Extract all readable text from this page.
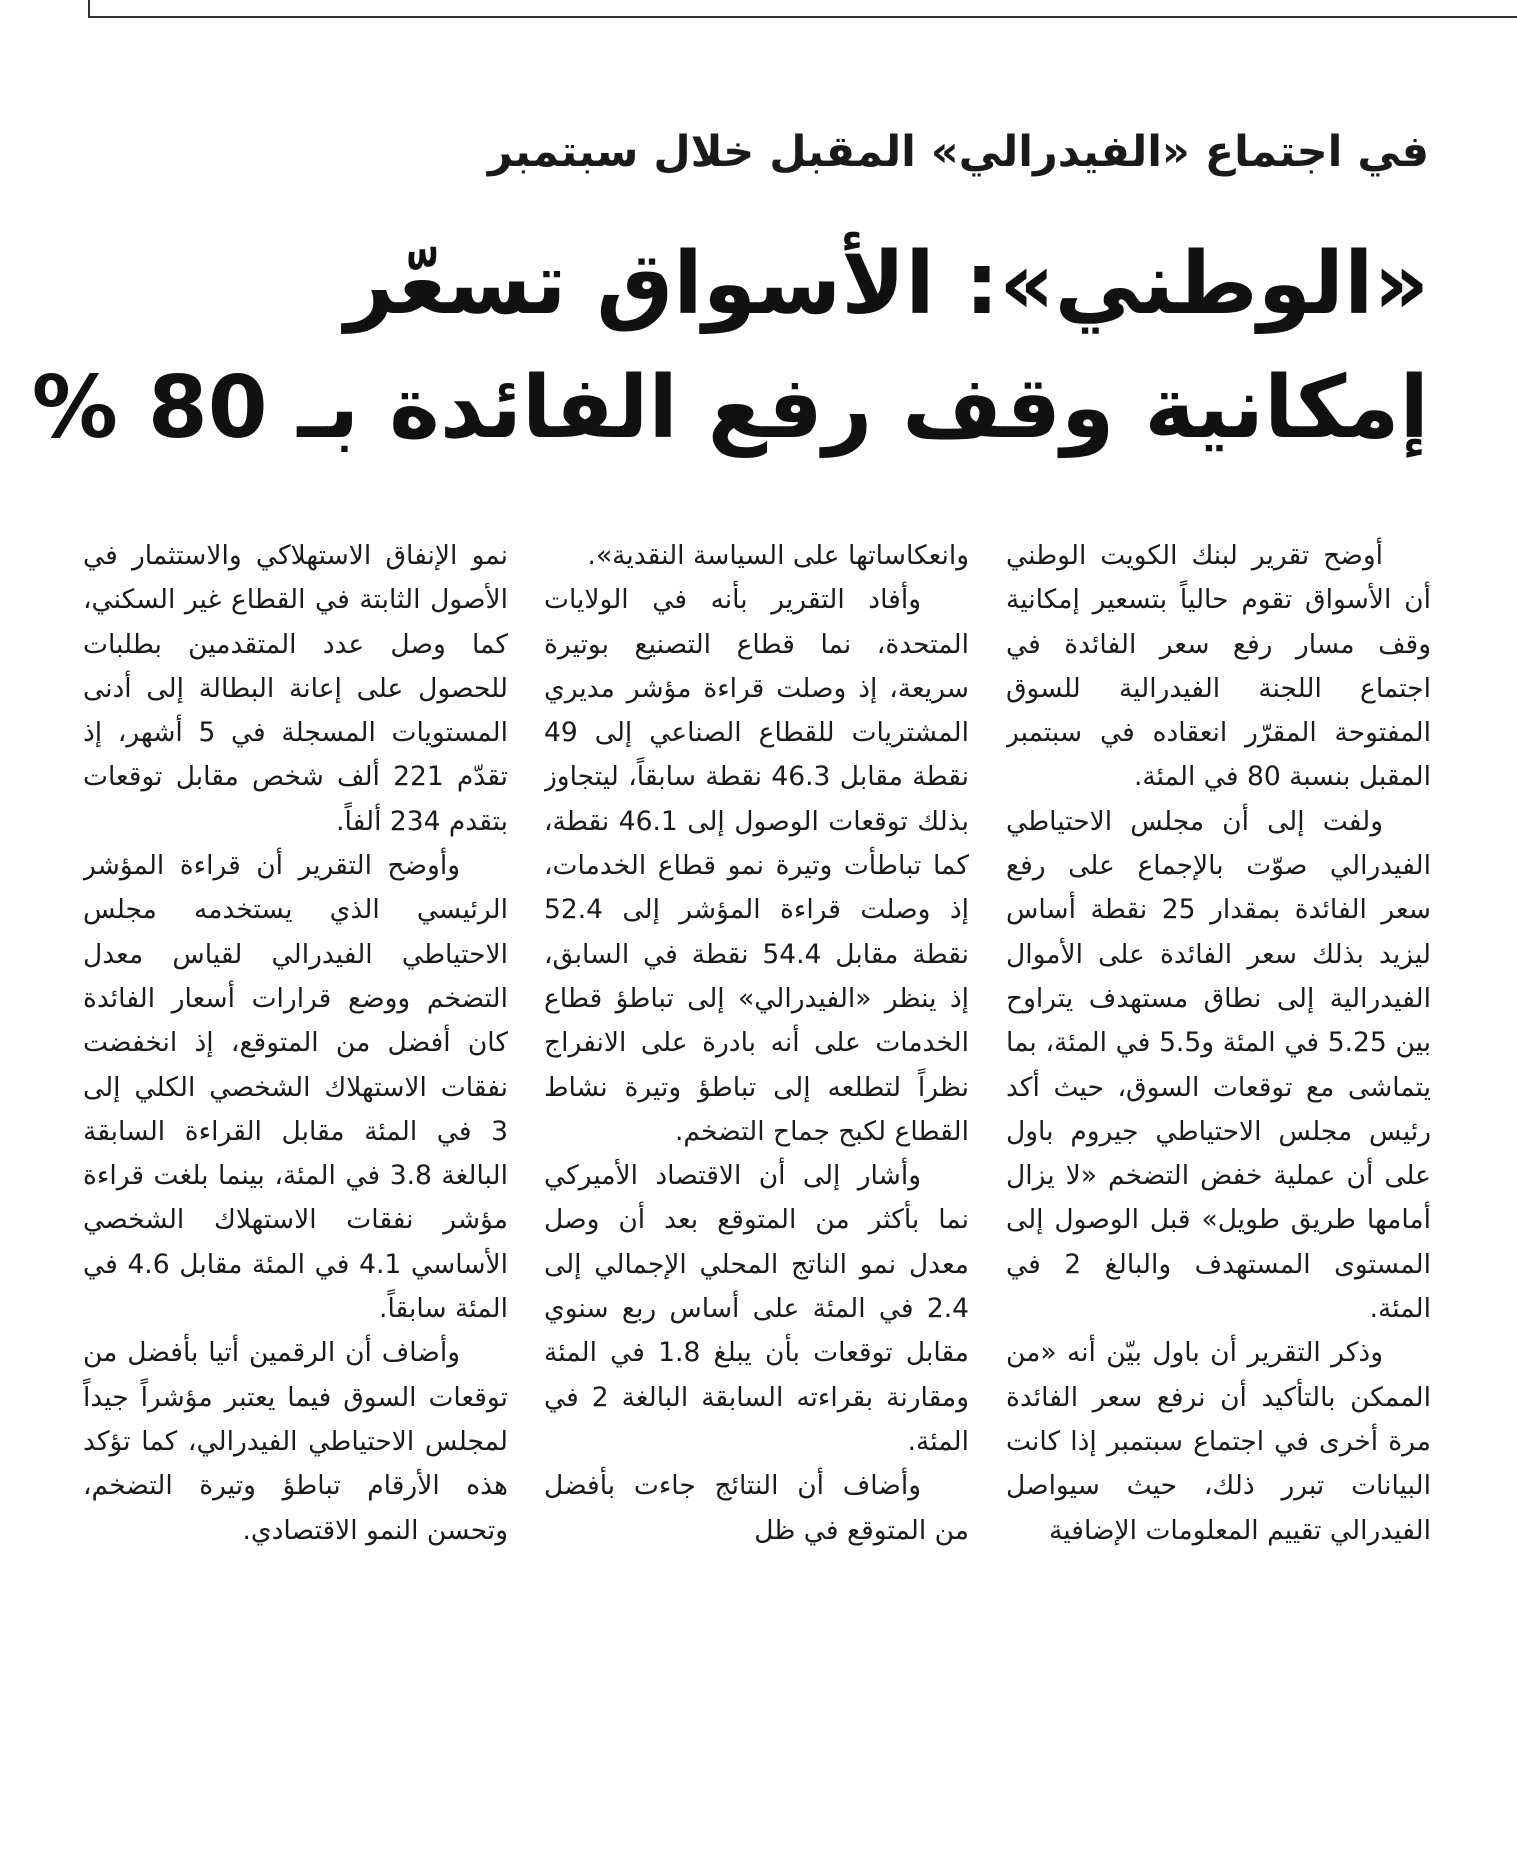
في اجتماع «الفيدرالي» المقبل خلال سبتمبر
«الوطني»: الأسواق تسعّر
إمكانية وقف رفع الفائدة بـ 80 %

أوضح تقرير لبنك الكويت الوطني أن الأسواق تقوم حالياً بتسعير إمكانية وقف مسار رفع سعر الفائدة في اجتماع اللجنة الفيدرالية للسوق المفتوحة المقرّر انعقاده في سبتمبر المقبل بنسبة 80 في المئة.

ولفت إلى أن مجلس الاحتياطي الفيدرالي صوّت بالإجماع على رفع سعر الفائدة بمقدار 25 نقطة أساس ليزيد بذلك سعر الفائدة على الأموال الفيدرالية إلى نطاق مستهدف يتراوح بين 5.25 في المئة و5.5 في المئة، بما يتماشى مع توقعات السوق، حيث أكد رئيس مجلس الاحتياطي جيروم باول على أن عملية خفض التضخم «لا يزال أمامها طريق طويل» قبل الوصول إلى المستوى المستهدف والبالغ 2 في المئة.

وذكر التقرير أن باول بيّن أنه «من الممكن بالتأكيد أن نرفع سعر الفائدة مرة أخرى في اجتماع سبتمبر إذا كانت البيانات تبرر ذلك، حيث سيواصل الفيدرالي تقييم المعلومات الإضافية

وانعكاساتها على السياسة النقدية».

وأفاد التقرير بأنه في الولايات المتحدة، نما قطاع التصنيع بوتيرة سريعة، إذ وصلت قراءة مؤشر مديري المشتريات للقطاع الصناعي إلى 49 نقطة مقابل 46.3 نقطة سابقاً، ليتجاوز بذلك توقعات الوصول إلى 46.1 نقطة، كما تباطأت وتيرة نمو قطاع الخدمات، إذ وصلت قراءة المؤشر إلى 52.4 نقطة مقابل 54.4 نقطة في السابق، إذ ينظر «الفيدرالي» إلى تباطؤ قطاع الخدمات على أنه بادرة على الانفراج نظراً لتطلعه إلى تباطؤ وتيرة نشاط القطاع لكبح جماح التضخم.

وأشار إلى أن الاقتصاد الأميركي نما بأكثر من المتوقع بعد أن وصل معدل نمو الناتج المحلي الإجمالي إلى 2.4 في المئة على أساس ربع سنوي مقابل توقعات بأن يبلغ 1.8 في المئة ومقارنة بقراءته السابقة البالغة 2 في المئة.

وأضاف أن النتائج جاءت بأفضل من المتوقع في ظل

نمو الإنفاق الاستهلاكي والاستثمار في الأصول الثابتة في القطاع غير السكني، كما وصل عدد المتقدمين بطلبات للحصول على إعانة البطالة إلى أدنى المستويات المسجلة في 5 أشهر، إذ تقدّم 221 ألف شخص مقابل توقعات بتقدم 234 ألفاً.

وأوضح التقرير أن قراءة المؤشر الرئيسي الذي يستخدمه مجلس الاحتياطي الفيدرالي لقياس معدل التضخم ووضع قرارات أسعار الفائدة كان أفضل من المتوقع، إذ انخفضت نفقات الاستهلاك الشخصي الكلي إلى 3 في المئة مقابل القراءة السابقة البالغة 3.8 في المئة، بينما بلغت قراءة مؤشر نفقات الاستهلاك الشخصي الأساسي 4.1 في المئة مقابل 4.6 في المئة سابقاً.

وأضاف أن الرقمين أتيا بأفضل من توقعات السوق فيما يعتبر مؤشراً جيداً لمجلس الاحتياطي الفيدرالي، كما تؤكد هذه الأرقام تباطؤ وتيرة التضخم، وتحسن النمو الاقتصادي.
